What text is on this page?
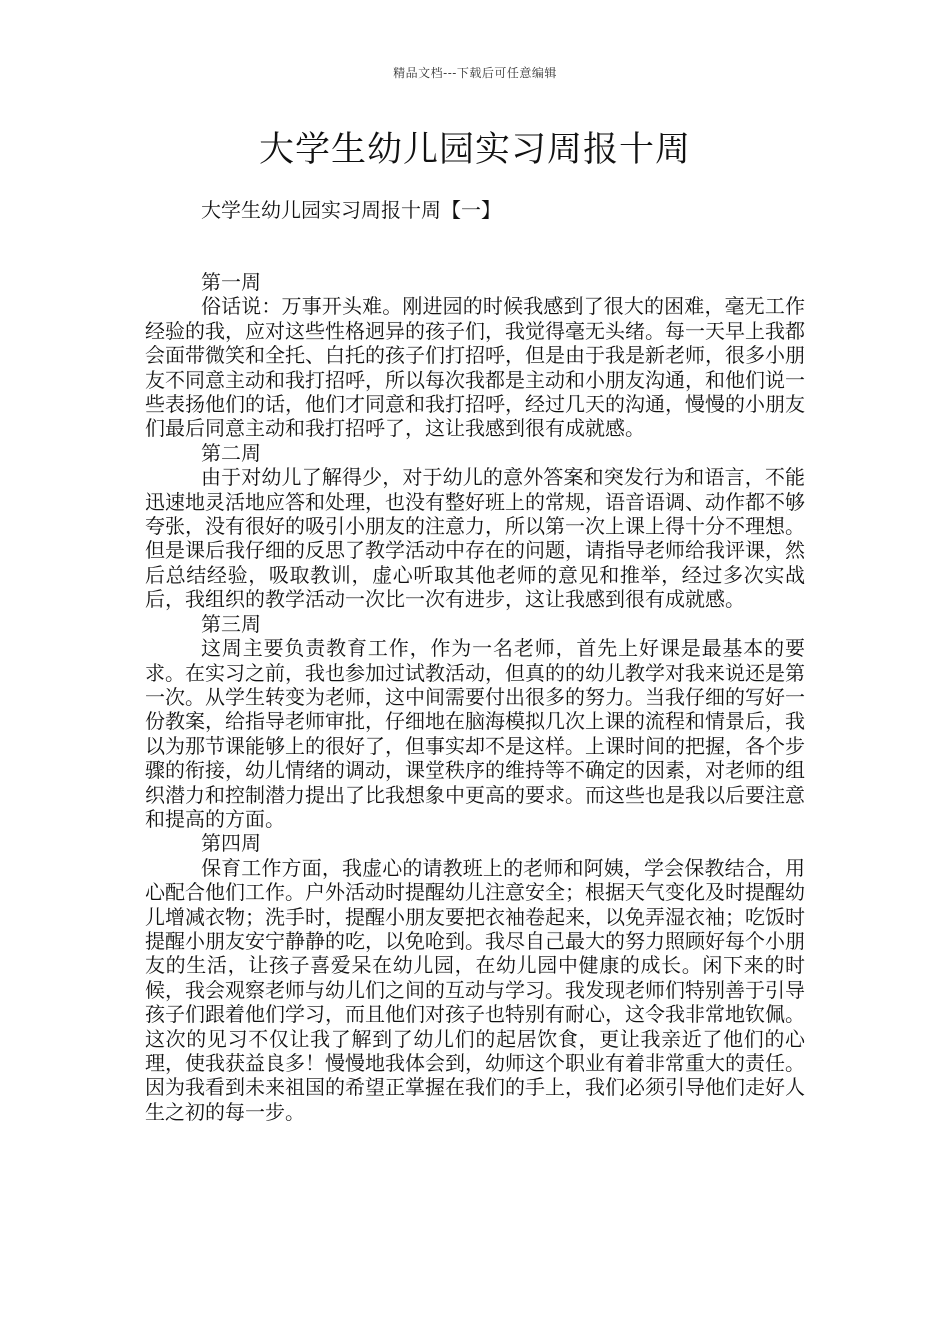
精品文档---下载后可任意编辑
大学生幼儿园实习周报十周

大学生幼儿园实习周报十周【一】

第一周

俗话说：万事开头难。刚进园的时候我感到了很大的困难，毫无工作经验的我，应对这些性格迥异的孩子们，我觉得毫无头绪。每一天早上我都会面带微笑和全托、白托的孩子们打招呼，但是由于我是新老师，很多小朋友不同意主动和我打招呼，所以每次我都是主动和小朋友沟通，和他们说一些表扬他们的话，他们才同意和我打招呼，经过几天的沟通，慢慢的小朋友们最后同意主动和我打招呼了，这让我感到很有成就感。

第二周

由于对幼儿了解得少，对于幼儿的意外答案和突发行为和语言，不能迅速地灵活地应答和处理，也没有整好班上的常规，语音语调、动作都不够夸张，没有很好的吸引小朋友的注意力，所以第一次上课上得十分不理想。但是课后我仔细的反思了教学活动中存在的问题，请指导老师给我评课，然后总结经验，吸取教训，虚心听取其他老师的意见和推举，经过多次实战后，我组织的教学活动一次比一次有进步，这让我感到很有成就感。

第三周

这周主要负责教育工作，作为一名老师，首先上好课是最基本的要求。在实习之前，我也参加过试教活动，但真的的幼儿教学对我来说还是第一次。从学生转变为老师，这中间需要付出很多的努力。当我仔细的写好一份教案，给指导老师审批，仔细地在脑海模拟几次上课的流程和情景后，我以为那节课能够上的很好了，但事实却不是这样。上课时间的把握，各个步骤的衔接，幼儿情绪的调动，课堂秩序的维持等不确定的因素，对老师的组织潜力和控制潜力提出了比我想象中更高的要求。而这些也是我以后要注意和提高的方面。

第四周

保育工作方面，我虚心的请教班上的老师和阿姨，学会保教结合，用心配合他们工作。户外活动时提醒幼儿注意安全；根据天气变化及时提醒幼儿增减衣物；洗手时，提醒小朋友要把衣袖卷起来，以免弄湿衣袖；吃饭时提醒小朋友安宁静静的吃，以免呛到。我尽自己最大的努力照顾好每个小朋友的生活，让孩子喜爱呆在幼儿园，在幼儿园中健康的成长。闲下来的时候，我会观察老师与幼儿们之间的互动与学习。我发现老师们特别善于引导孩子们跟着他们学习，而且他们对孩子也特别有耐心，这令我非常地钦佩。这次的见习不仅让我了解到了幼儿们的起居饮食，更让我亲近了他们的心理，使我获益良多！慢慢地我体会到，幼师这个职业有着非常重大的责任。因为我看到未来祖国的希望正掌握在我们的手上，我们必须引导他们走好人生之初的每一步。
